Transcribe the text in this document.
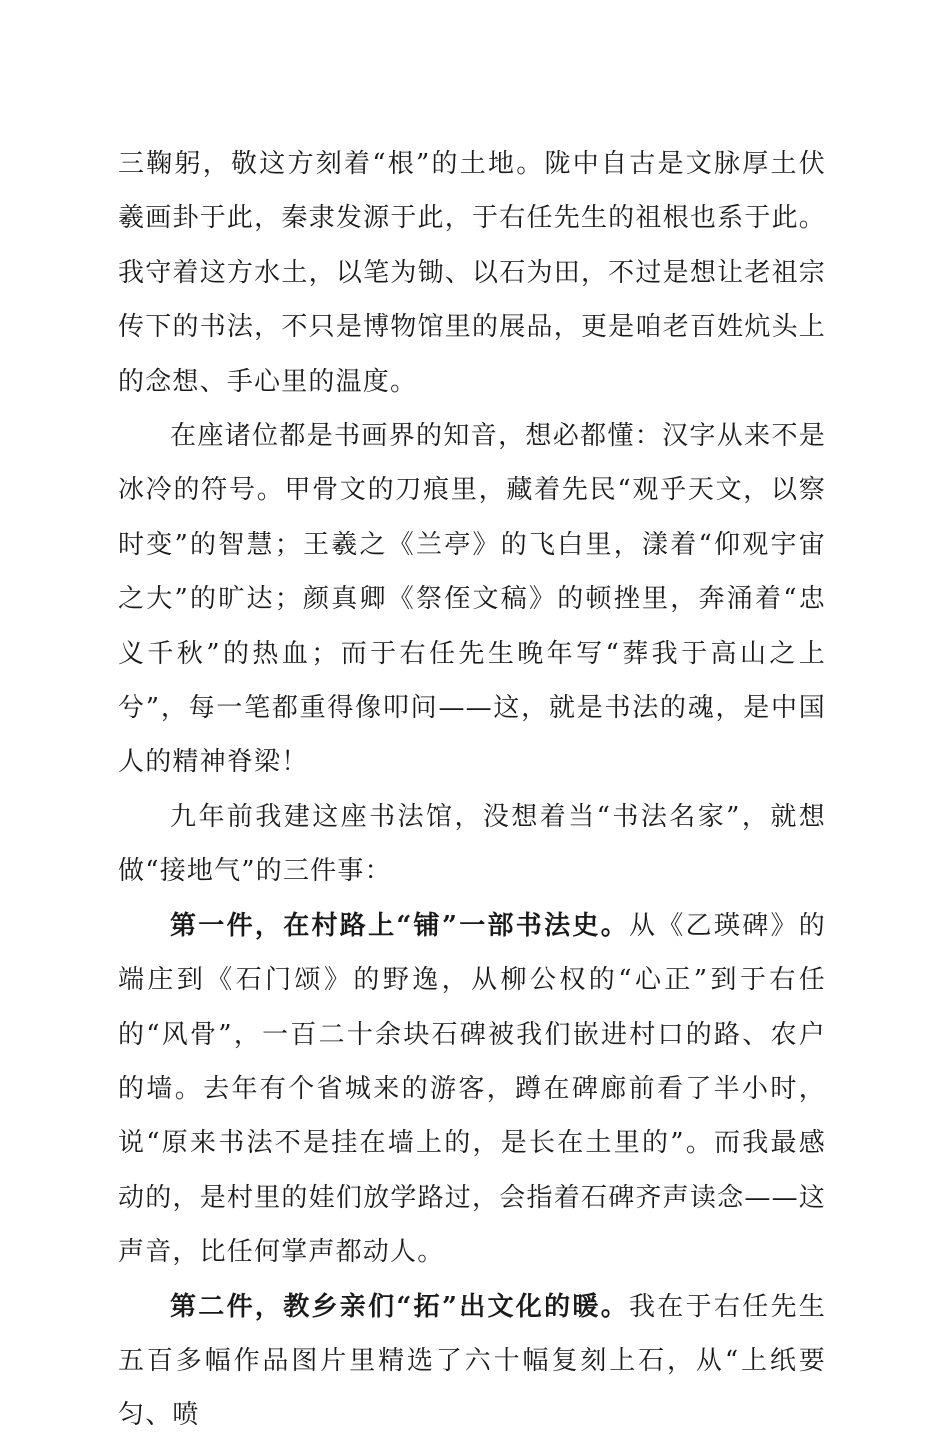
三鞠躬，敬这方刻着“根”的土地。陇中自古是文脉厚土伏羲画卦于此，秦隶发源于此，于右任先生的祖根也系于此。我守着这方水土，以笔为锄、以石为田，不过是想让老祖宗传下的书法，不只是博物馆里的展品，更是咱老百姓炕头上的念想、手心里的温度。

在座诸位都是书画界的知音，想必都懂：汉字从来不是冰冷的符号。甲骨文的刀痕里，藏着先民“观乎天文，以察时变”的智慧；王羲之《兰亭》的飞白里，漾着“仰观宇宙之大”的旷达；颜真卿《祭侄文稿》的顿挫里，奔涌着“忠义千秋”的热血；而于右任先生晚年写“葬我于高山之上兮”，每一笔都重得像叩问——这，就是书法的魂，是中国人的精神脊梁！

九年前我建这座书法馆，没想着当“书法名家”，就想做“接地气”的三件事：

第一件，在村路上“铺”一部书法史。从《乙瑛碑》的端庄到《石门颂》的野逸，从柳公权的“心正”到于右任的“风骨”，一百二十余块石碑被我们嵌进村口的路、农户的墙。去年有个省城来的游客，蹲在碑廊前看了半小时，说“原来书法不是挂在墙上的，是长在土里的”。而我最感动的，是村里的娃们放学路过，会指着石碑齐声读念——这声音，比任何掌声都动人。

第二件，教乡亲们“拓”出文化的暖。我在于右任先生五百多幅作品图片里精选了六十幅复刻上石，从“上纸要匀、喷
